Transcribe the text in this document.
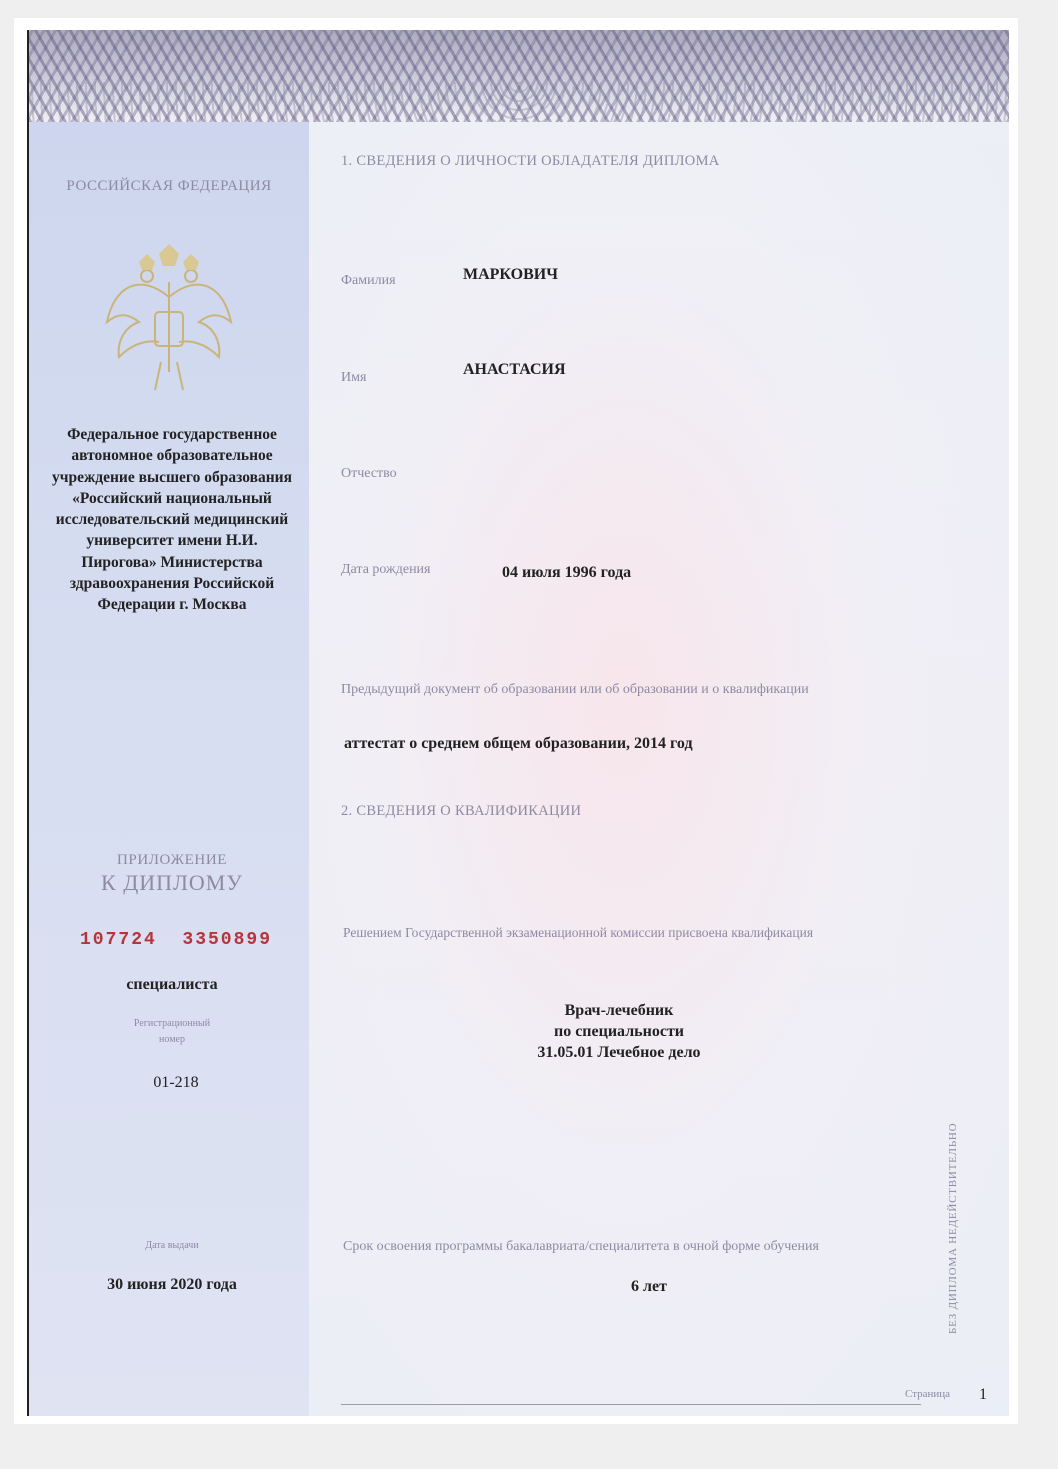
РОССИЙСКАЯ ФЕДЕРАЦИЯ
Федеральное государственное автономное образовательное учреждение высшего образования «Российский национальный исследовательский медицинский университет имени Н.И. Пирогова» Министерства здравоохранения Российской Федерации г. Москва
ПРИЛОЖЕНИЕ
К ДИПЛОМУ
107724  3350899
специалиста
Регистрационный номер
01-218
Дата выдачи
30 июня 2020 года
1. СВЕДЕНИЯ О ЛИЧНОСТИ ОБЛАДАТЕЛЯ ДИПЛОМА
Фамилия	МАРКОВИЧ
Имя	АНАСТАСИЯ
Отчество
Дата рождения	04 июля 1996 года
Предыдущий документ об образовании или об образовании и о квалификации
аттестат о среднем общем образовании, 2014 год
2. СВЕДЕНИЯ О КВАЛИФИКАЦИИ
Решением Государственной экзаменационной комиссии присвоена квалификация
Врач-лечебник
по специальности
31.05.01 Лечебное дело
Срок освоения программы бакалавриата/специалитета в очной форме обучения
6 лет	БЕЗ ДИПЛОМА НЕДЕЙСТВИТЕЛЬНО
Страница 1
